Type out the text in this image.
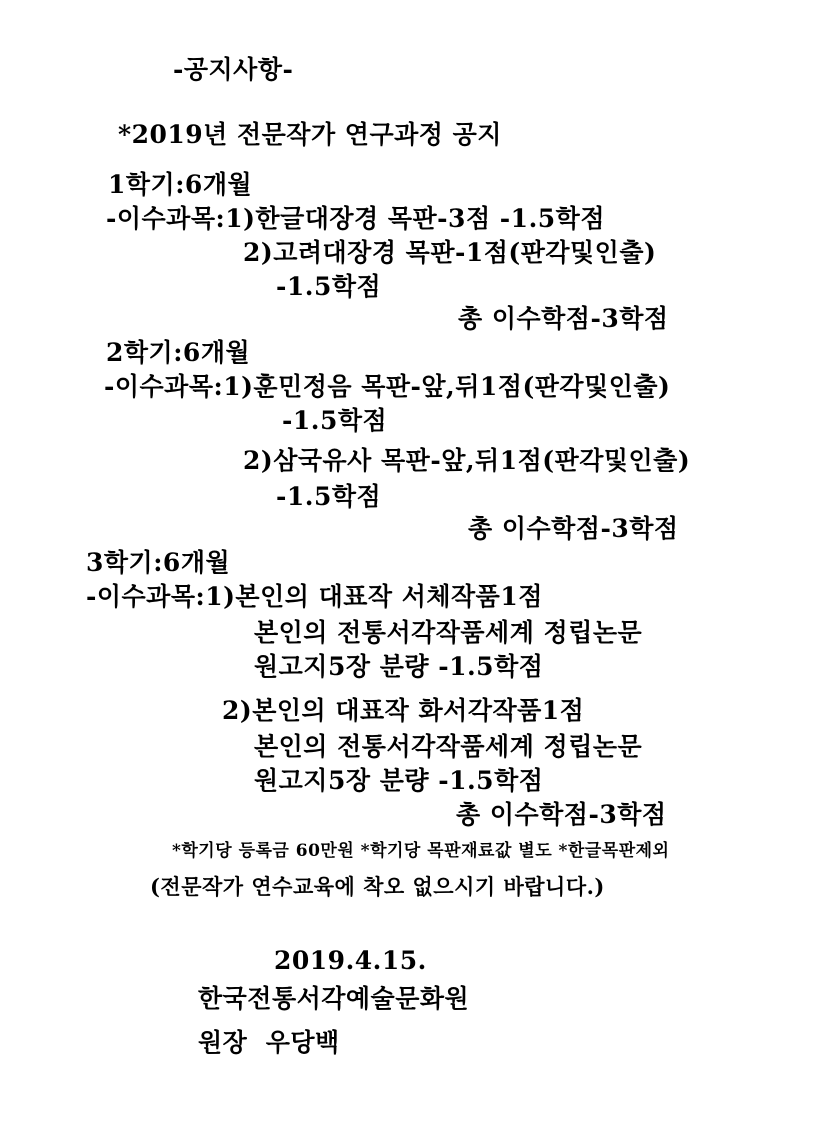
-공지사항-
*2019년 전문작가 연구과정 공지
1학기:6개월
-이수과목:1)한글대장경 목판-3점 -1.5학점
2)고려대장경 목판-1점(판각및인출)
-1.5학점
총 이수학점-3학점
2학기:6개월
-이수과목:1)훈민정음 목판-앞,뒤1점(판각및인출)
-1.5학점
2)삼국유사 목판-앞,뒤1점(판각및인출)
-1.5학점
총 이수학점-3학점
3학기:6개월
-이수과목:1)본인의 대표작 서체작품1점
본인의 전통서각작품세계 정립논문
원고지5장 분량 -1.5학점
2)본인의 대표작 화서각작품1점
본인의 전통서각작품세계 정립논문
원고지5장 분량 -1.5학점
총 이수학점-3학점
*학기당 등록금 60만원 *학기당 목판재료값 별도 *한글목판제외
(전문작가 연수교육에 착오 없으시기 바랍니다.)
2019.4.15.
한국전통서각예술문화원
원장  우당백
